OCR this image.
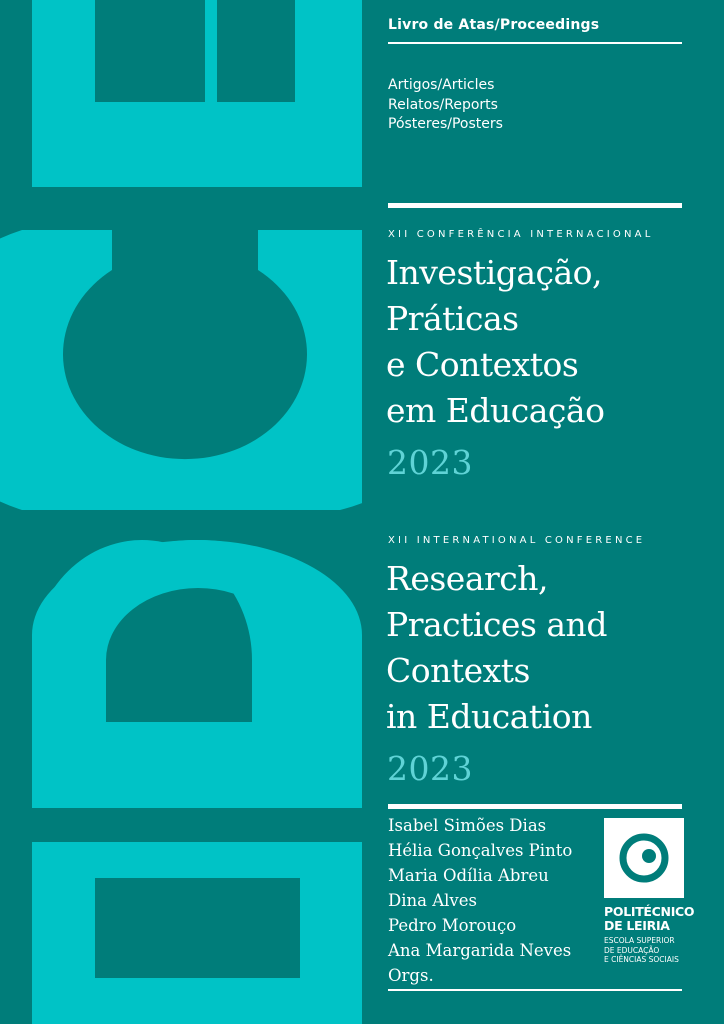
Livro de Atas/Proceedings
Artigos/Articles
Relatos/Reports
Pósteres/Posters
XII CONFERÊNCIA INTERNACIONAL
Investigação,
Práticas
e Contextos
em Educação
2023
XII INTERNATIONAL CONFERENCE
Research,
Practices and
Contexts
in Education
2023
Isabel Simões Dias
Hélia Gonçalves Pinto
Maria Odília Abreu
Dina Alves
Pedro Morouço
Ana Margarida Neves
Orgs.
POLITÉCNICO
DE LEIRIA
ESCOLA SUPERIOR
DE EDUCAÇÃO
E CIÊNCIAS SOCIAIS
